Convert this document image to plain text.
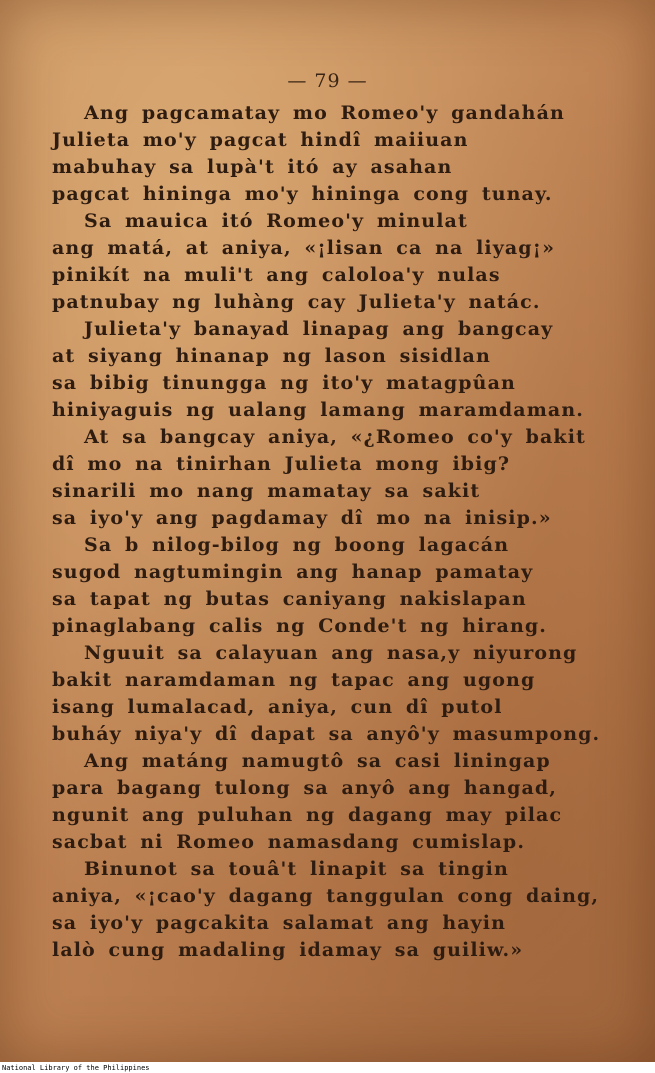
— 79 —
Ang pagcamatay mo Romeo'y gandahán
Julieta mo'y pagcat hindî maiiuan
mabuhay sa lupà't itó ay asahan
pagcat hininga mo'y hininga cong tunay.
Sa mauica itó Romeo'y minulat
ang matá, at aniya, «¡lisan ca na liyag¡»
pinikít na muli't ang caloloa'y nulas
patnubay ng luhàng cay Julieta'y natác.
Julieta'y banayad linapag ang bangcay
at siyang hinanap ng lason sisidlan
sa bibig tinungga ng ito'y matagpûan
hiniyaguis ng ualang lamang maramdaman.
At sa bangcay aniya, «¿Romeo co'y bakit
dî mo na tinirhan Julieta mong ibig?
sinarili mo nang mamatay sa sakit
sa iyo'y ang pagdamay dî mo na inisip.»
Sa b nilog-bilog ng boong lagacán
sugod nagtumingin ang hanap pamatay
sa tapat ng butas caniyang nakislapan
pinaglabang calis ng Conde't ng hirang.
Nguuit sa calayuan ang nasa,y niyurong
bakit naramdaman ng tapac ang ugong
isang lumalacad, aniya, cun dî putol
buháy niya'y dî dapat sa anyô'y masumpong.
Ang matáng namugtô sa casi liningap
para bagang tulong sa anyô ang hangad,
ngunit ang puluhan ng dagang may pilac
sacbat ni Romeo namasdang cumislap.
Binunot sa touâ't linapit sa tingin
aniya, «¡cao'y dagang tanggulan cong daing,
sa iyo'y pagcakita salamat ang hayin
lalò cung madaling idamay sa guiliw.»
National Library of the Philippines
